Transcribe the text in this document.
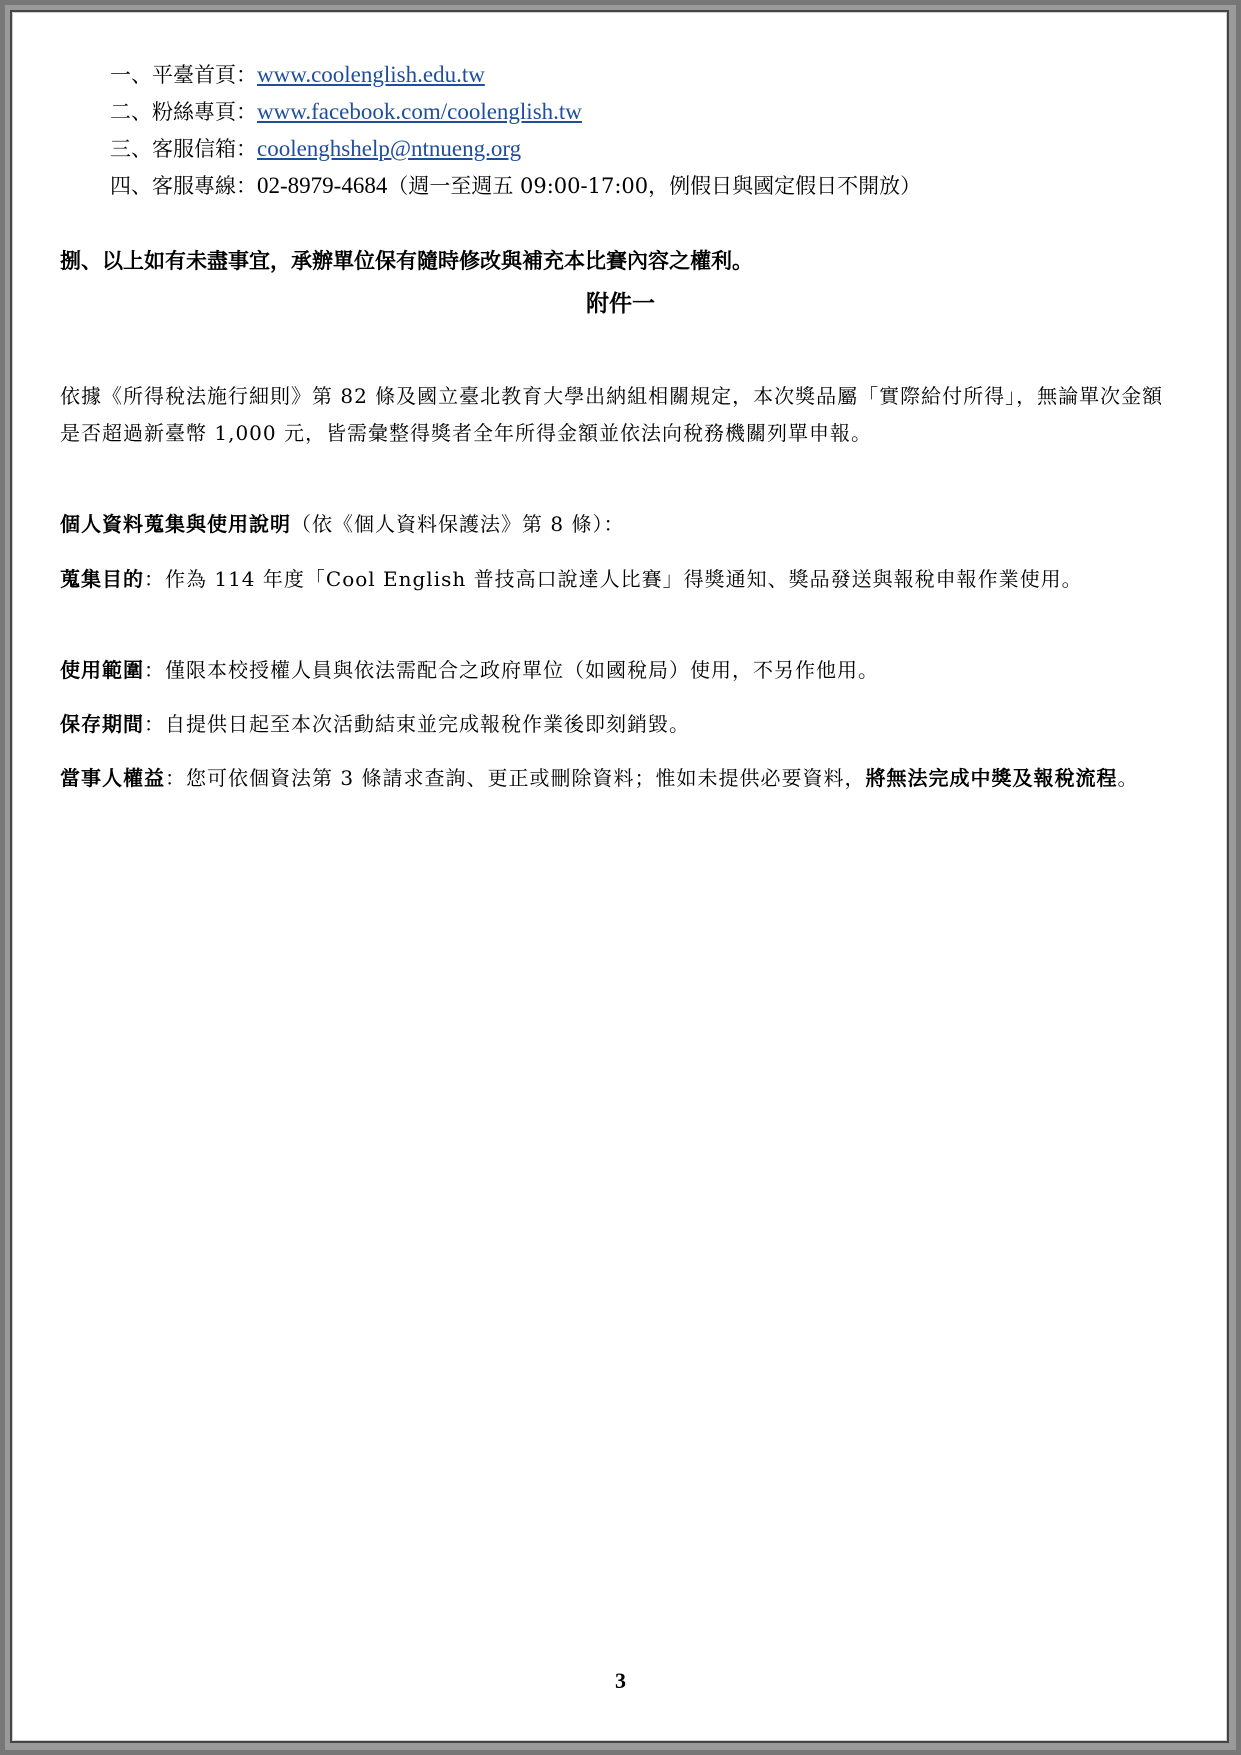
一、平臺首頁：www.coolenglish.edu.tw
二、粉絲專頁：www.facebook.com/coolenglish.tw
三、客服信箱：coolenghshelp@ntnueng.org
四、客服專線：02-8979-4684（週一至週五 09:00-17:00，例假日與國定假日不開放）
捌、以上如有未盡事宜，承辦單位保有隨時修改與補充本比賽內容之權利。
附件一
依據《所得稅法施行細則》第 82 條及國立臺北教育大學出納組相關規定，本次獎品屬「實際給付所得」，無論單次金額是否超過新臺幣 1,000 元，皆需彙整得獎者全年所得金額並依法向稅務機關列單申報。
個人資料蒐集與使用說明（依《個人資料保護法》第 8 條）：
蒐集目的：作為 114 年度「Cool English 普技高口說達人比賽」得獎通知、獎品發送與報稅申報作業使用。
使用範圍：僅限本校授權人員與依法需配合之政府單位（如國稅局）使用，不另作他用。
保存期間：自提供日起至本次活動結束並完成報稅作業後即刻銷毀。
當事人權益：您可依個資法第 3 條請求查詢、更正或刪除資料；惟如未提供必要資料，將無法完成中獎及報稅流程。
3
